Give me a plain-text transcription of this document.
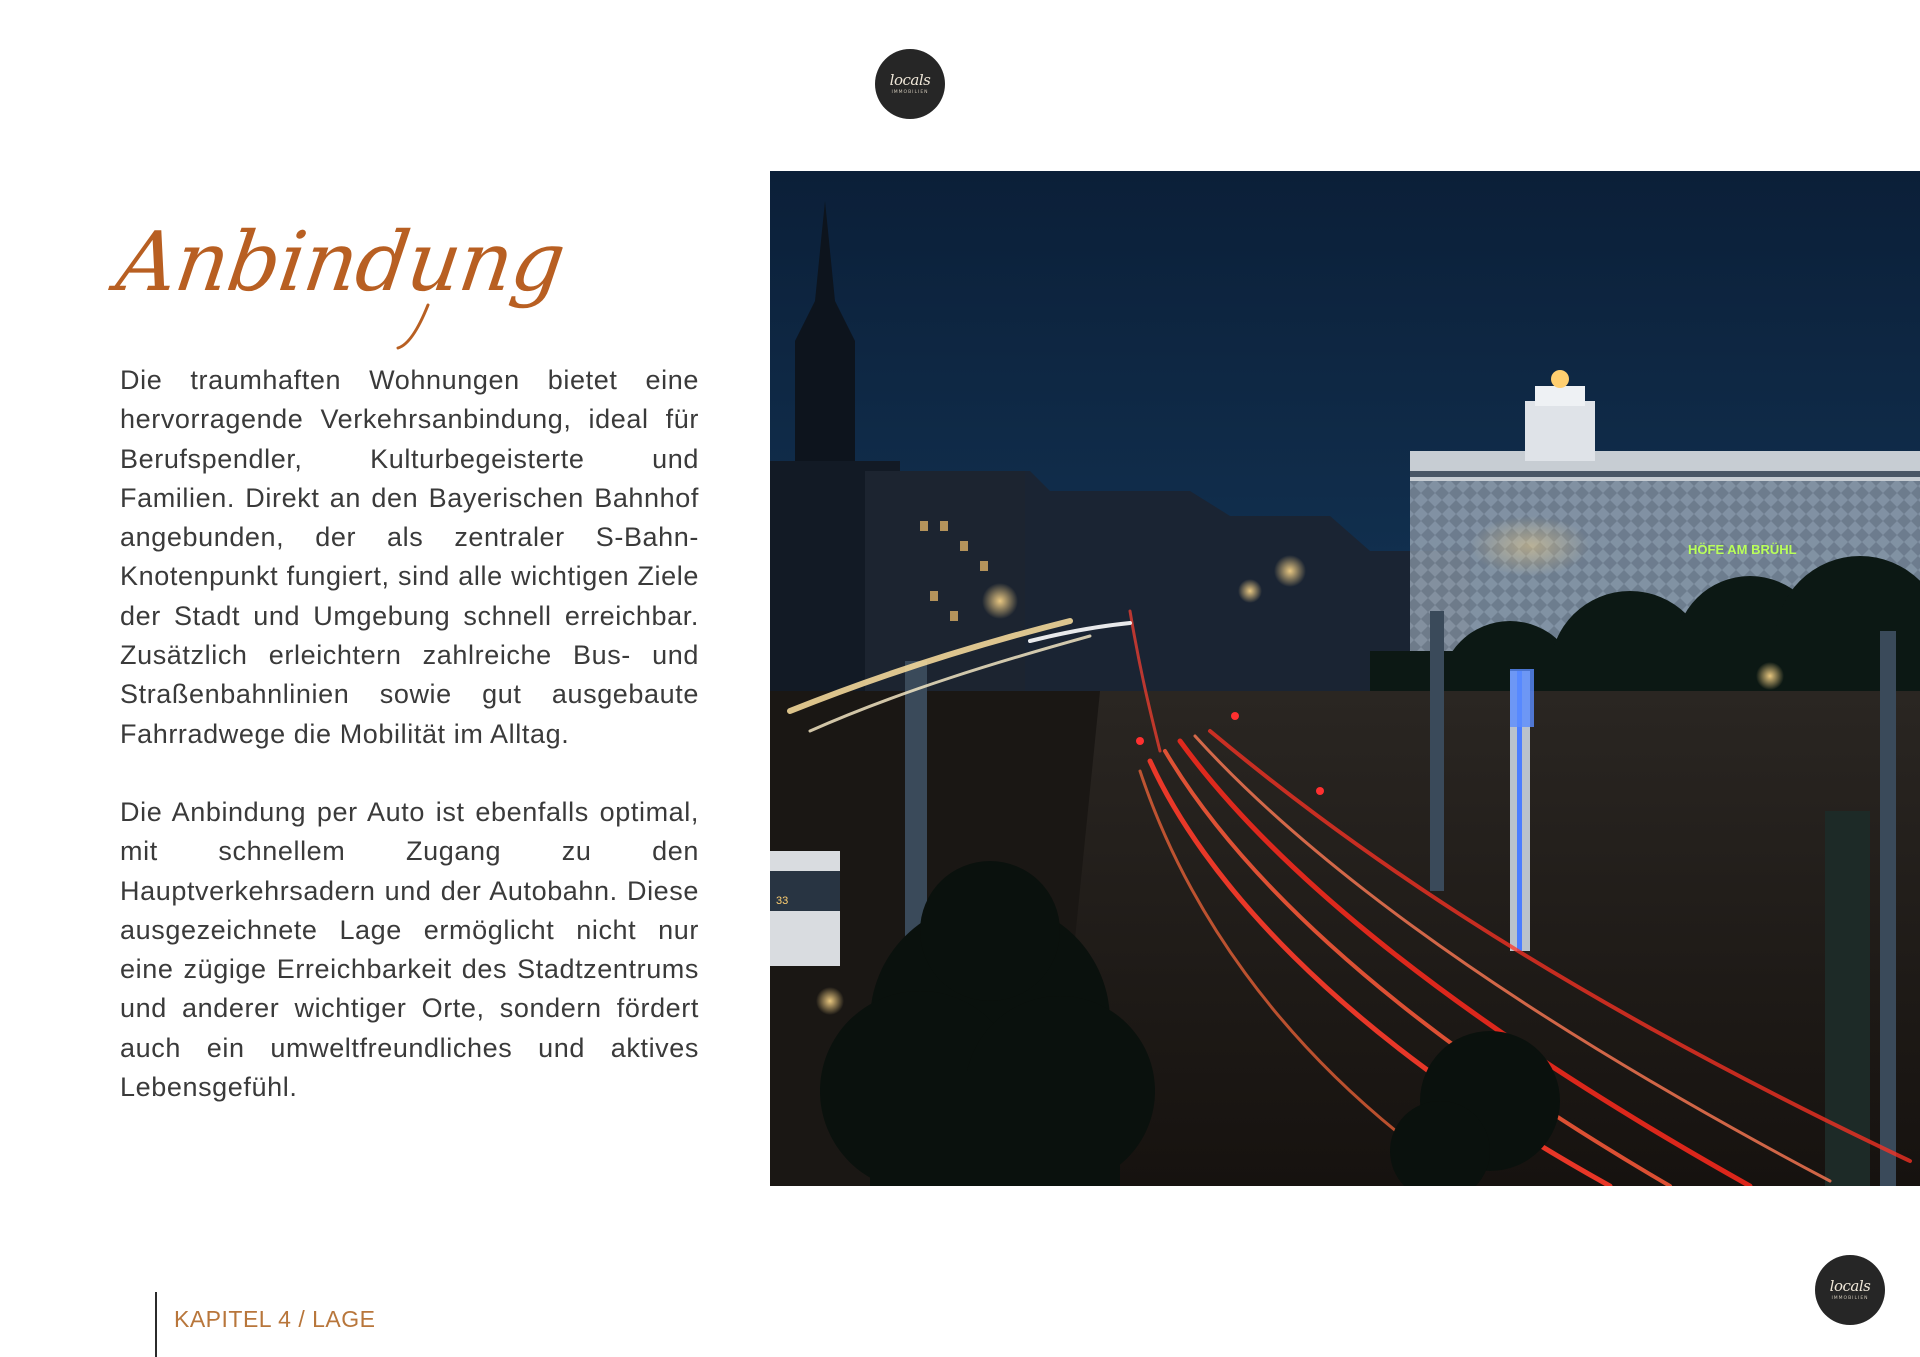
locals
IMMOBILIEN
Anbindung

Die traumhaften Wohnungen bietet eine hervorragende Verkehrsanbindung, ideal für Berufspendler, Kulturbegeisterte und Familien. Direkt an den Bayerischen Bahnhof angebunden, der als zentraler S-Bahn-Knotenpunkt fungiert, sind alle wichtigen Ziele der Stadt und Umgebung schnell erreichbar. Zusätzlich erleichtern zahlreiche Bus- und Straßenbahnlinien sowie gut ausgebaute Fahrradwege die Mobilität im Alltag.

Die Anbindung per Auto ist ebenfalls optimal, mit schnellem Zugang zu den Hauptverkehrsadern und der Autobahn. Diese ausgezeichnete Lage ermöglicht nicht nur eine zügige Erreichbarkeit des Stadtzentrums und anderer wichtiger Orte, sondern fördert auch ein umweltfreundliches und aktives Lebensgefühl.

HÖFE AM BRÜHL
33
KAPITEL 4 / LAGE
locals
IMMOBILIEN
